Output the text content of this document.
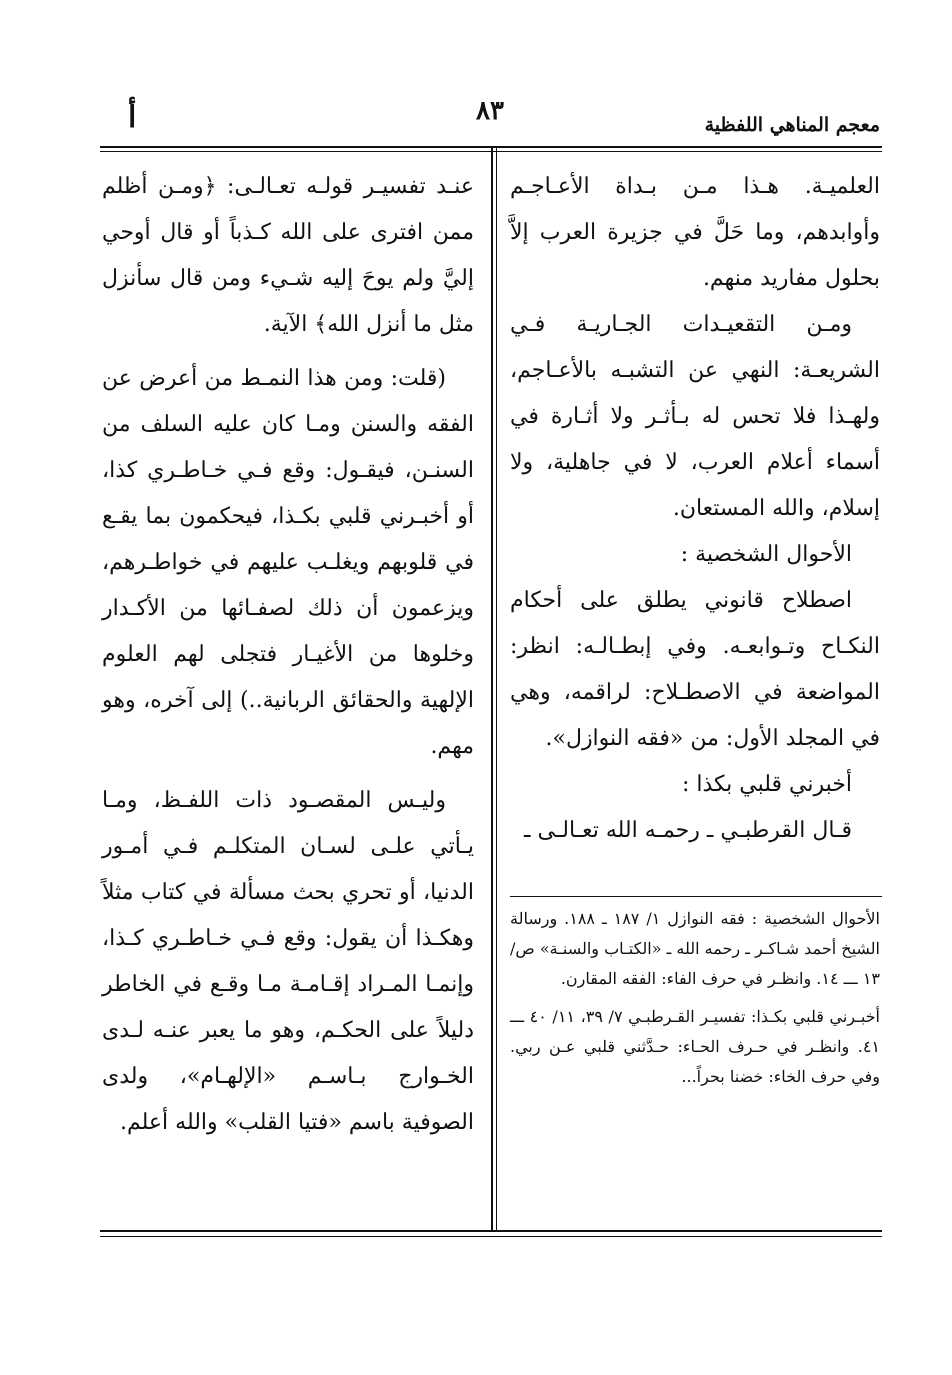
معجم المناهي اللفظية
٨٣
أ

العلميـة. هـذا مـن بـداة الأعـاجـم وأوابدهم، وما حَلَّ في جزيرة العرب إلاَّ بحلول مفاريد منهم.

ومـن التقعيـدات الجـاريـة فـي الشريعـة: النهي عن التشبـه بالأعـاجم، ولهـذا فلا تحس له بـأثـر ولا أثـارة في أسماء أعلام العرب، لا في جاهلية، ولا إسلام، والله المستعان.

الأحوال الشخصية :

اصطلاح قانوني يطلق على أحكام النكـاح وتـوابعـه. وفي إبطـالـه: انظر: المواضعة في الاصطـلاح: لراقمه، وهي في المجلد الأول: من «فقه النوازل».

أخبرني قلبي بكذا :

قـال القرطبـي ـ رحمـه الله تعـالـى ـ

الأحوال الشخصية : فقه النوازل ١/ ١٨٧ ـ ١٨٨. ورسالة الشيخ أحمد شـاكـر ـ رحمه الله ـ «الكتـاب والسنـة» ص/ ١٣ ـــ ١٤. وانظـر في حرف الفاء: الفقه المقارن.

أخبـرني قلبي بكـذا: تفسيـر القـرطبـي ٧/ ٣٩، ١١/ ٤٠ ـــ ٤١. وانظـر في حـرف الحـاء: حـدَّثني قلبي عـن ربي. وفي حرف الخاء: خضنا بحراً...

عنـد تفسيـر قولـه تعـالـى: ﴿ومـن أظلم ممن افترى على الله كـذباً أو قال أوحي إليَّ ولم يوحَ إليه شـيء ومن قال سأنزل مثل ما أنزل الله﴾ الآية.

(قلت: ومن هذا النمـط من أعرض عن الفقه والسنن ومـا كان عليه السلف من السنـن، فيقـول: وقع فـي خـاطـري كذا، أو أخبـرني قلبي بكـذا، فيحكمون بما يقـع في قلوبهم ويغلـب عليهم في خواطـرهم، ويزعمون أن ذلك لصفـائها من الأكـدار وخلوها من الأغيـار فتجلى لهم العلوم الإلهية والحقائق الربانية..) إلى آخره، وهو مهم.

وليـس المقصـود ذات اللفـظ، ومـا يـأتي علـى لسـان المتكلـم فـي أمـور الدنيا، أو تحري بحث مسألة في كتاب مثلاً وهكـذا أن يقول: وقع فـي خـاطـري كـذا، وإنمـا المـراد إقـامـة مـا وقـع في الخاطر دليلاً على الحكـم، وهو ما يعبر عنـه لـدى الخـوارج بـاسـم «الإلهـام»، ولدى الصوفية باسم «فتيا القلب» والله أعلم.
